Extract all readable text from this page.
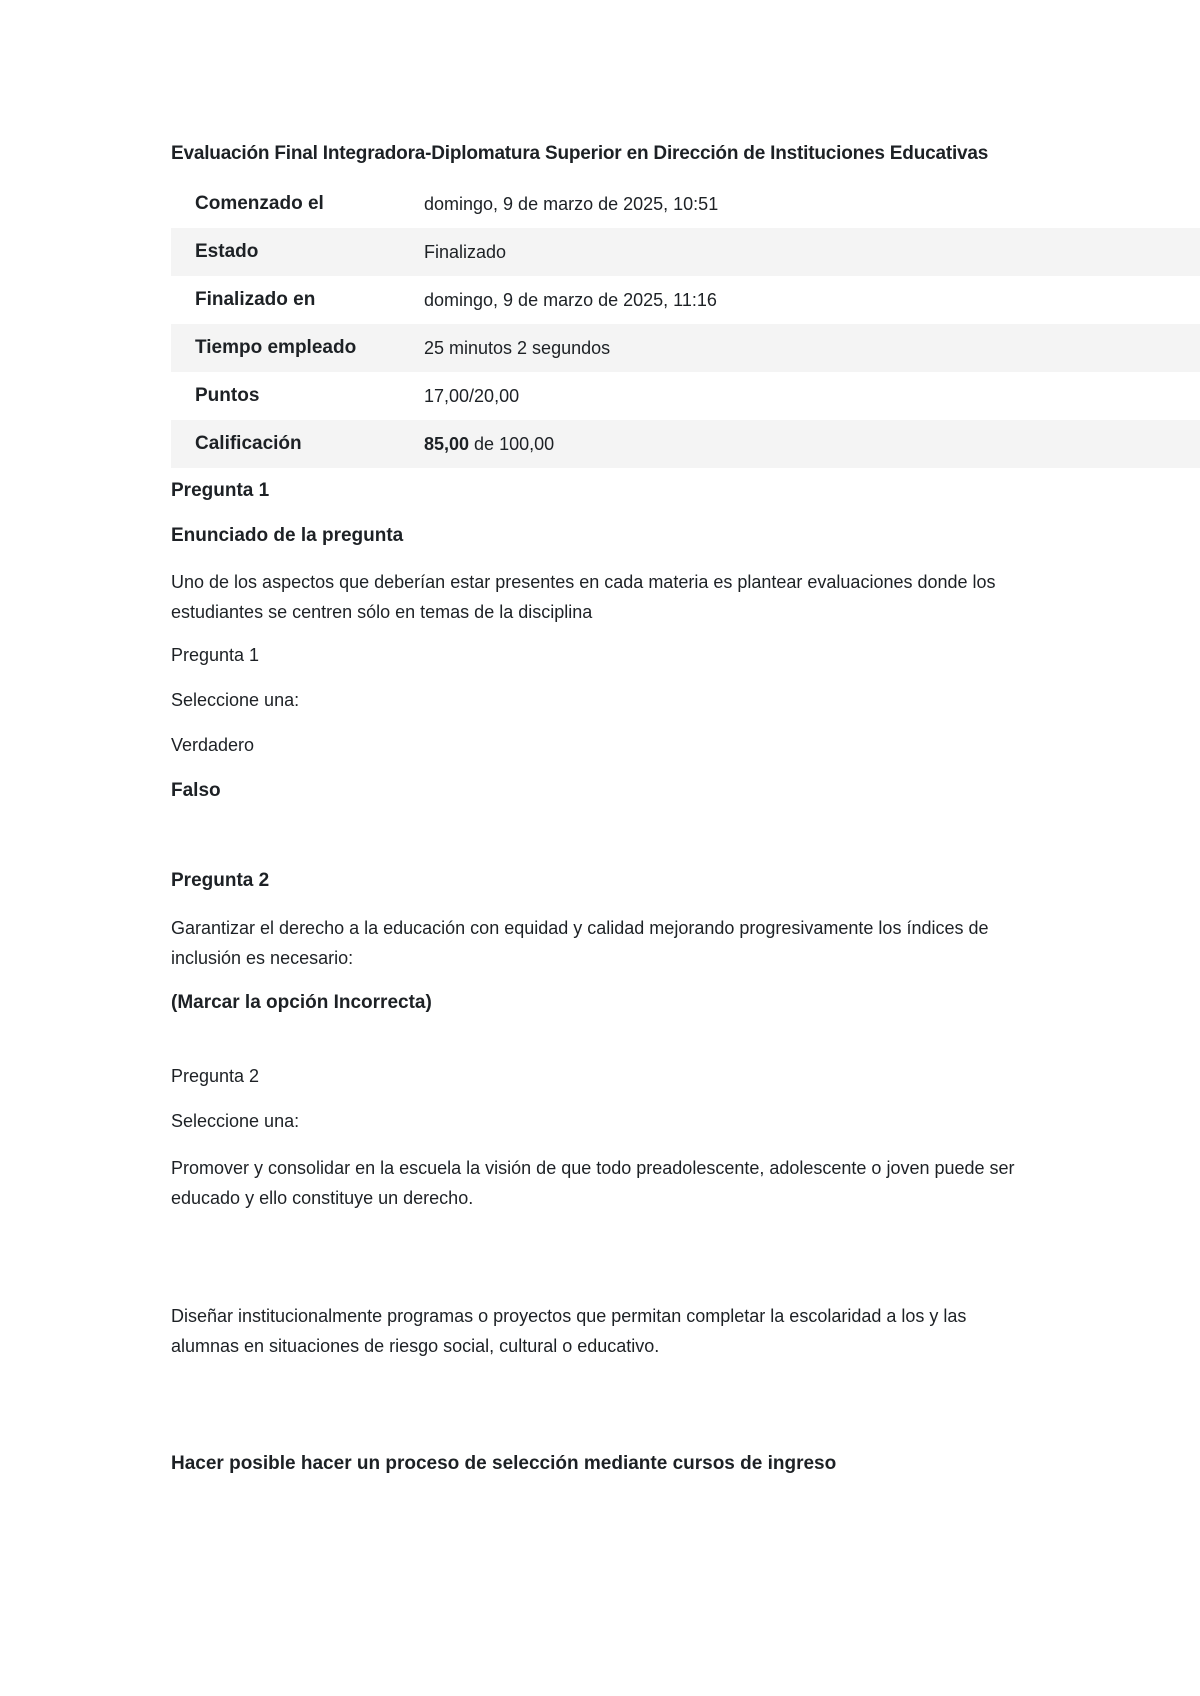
Evaluación Final Integradora-Diplomatura Superior en Dirección de Instituciones Educativas
Comenzado el	domingo, 9 de marzo de 2025, 10:51
Estado	Finalizado
Finalizado en	domingo, 9 de marzo de 2025, 11:16
Tiempo empleado	25 minutos 2 segundos
Puntos	17,00/20,00
Calificación	85,00 de 100,00
Pregunta 1
Enunciado de la pregunta
Uno de los aspectos que deberían estar presentes en cada materia es plantear evaluaciones donde los estudiantes se centren sólo en temas de la disciplina
Pregunta 1
Seleccione una:
Verdadero
Falso
Pregunta 2
Garantizar el derecho a la educación con equidad y calidad mejorando progresivamente los índices de inclusión es necesario:
(Marcar la opción Incorrecta)
Pregunta 2
Seleccione una:
Promover y consolidar en la escuela la visión de que todo preadolescente, adolescente o joven puede ser educado y ello constituye un derecho.
Diseñar institucionalmente programas o proyectos que permitan completar la escolaridad a los y las alumnas en situaciones de riesgo social, cultural o educativo.
Hacer posible hacer un proceso de selección mediante cursos de ingreso
